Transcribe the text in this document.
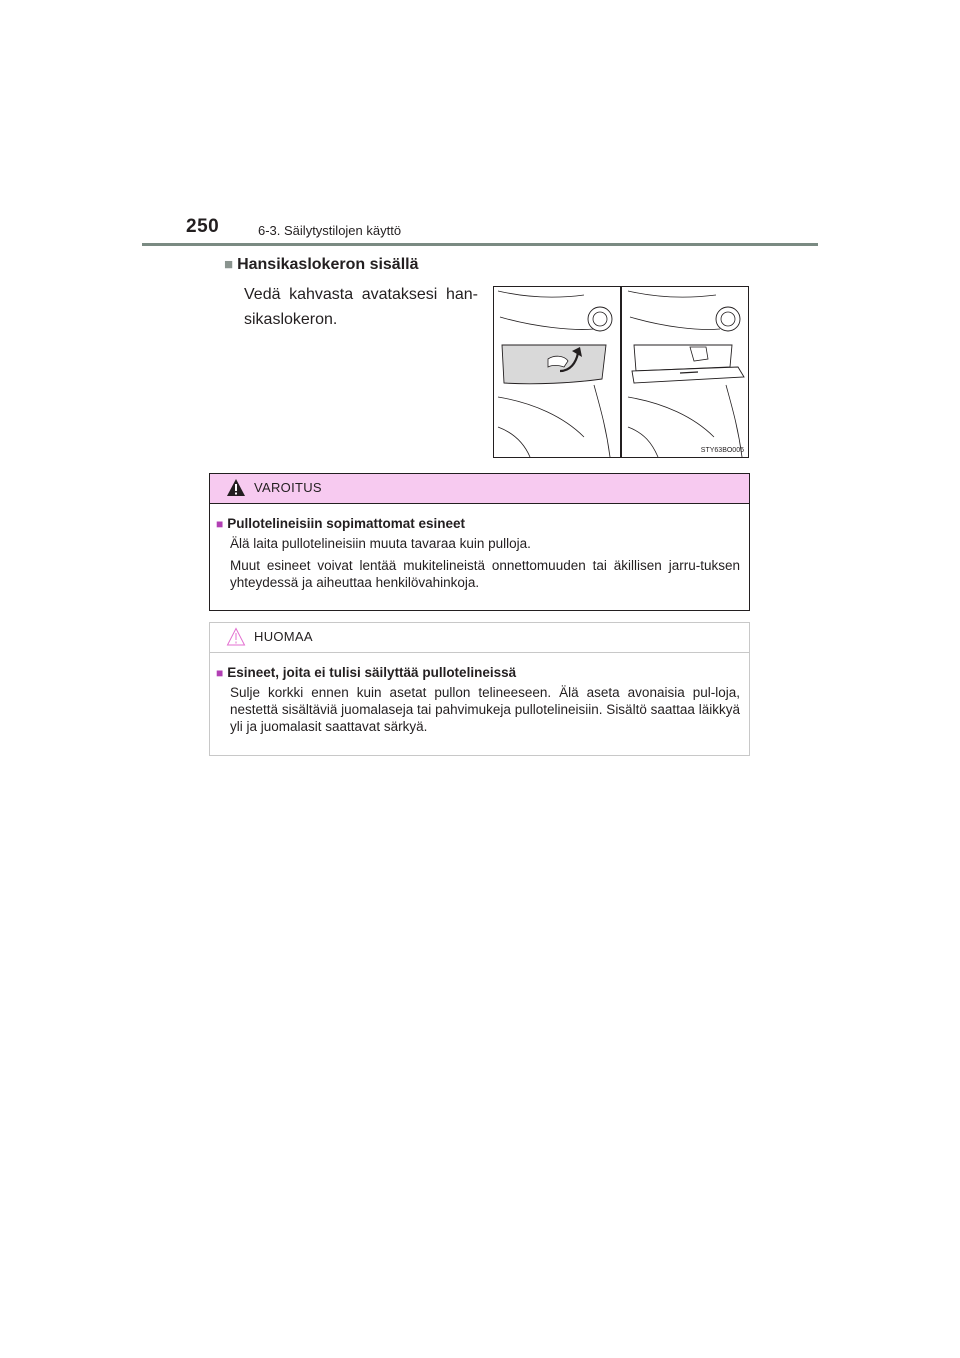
250	6-3. Säilytystilojen käyttö
■ Hansikaslokeron sisällä
Vedä kahvasta avataksesi han-sikaslokeron.
STY63BO006
VAROITUS
■ Pullotelineisiin sopimattomat esineet
Älä laita pullotelineisiin muuta tavaraa kuin pulloja.
Muut esineet voivat lentää mukitelineistä onnettomuuden tai äkillisen jarru-tuksen yhteydessä ja aiheuttaa henkilövahinkoja.
HUOMAA
■ Esineet, joita ei tulisi säilyttää pullotelineissä
Sulje korkki ennen kuin asetat pullon telineeseen. Älä aseta avonaisia pul-loja, nestettä sisältäviä juomalaseja tai pahvimukeja pullotelineisiin. Sisältö saattaa läikkyä yli ja juomalasit saattavat särkyä.
